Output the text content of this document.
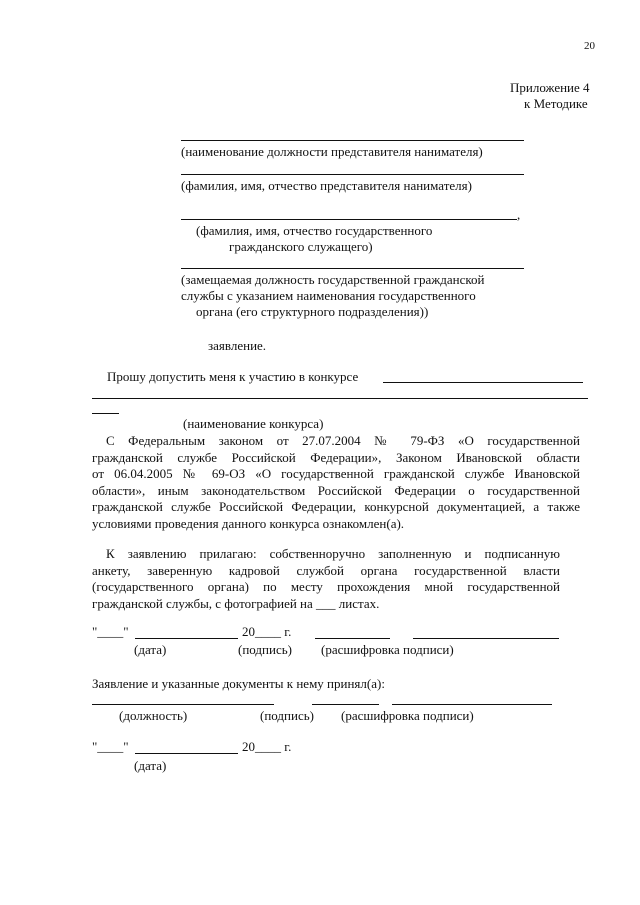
20

Приложение 4

к Методике

(наименование должности представителя нанимателя)

(фамилия, имя, отчество представителя нанимателя)

,

(фамилия, имя, отчество государственного

гражданского служащего)

(замещаемая должность государственной гражданской

службы с указанием наименования государственного

органа (его структурного подразделения))

заявление.

Прошу допустить меня к участию в конкурсе

(наименование конкурса)

С Федеральным законом от 27.07.2004 № 79-ФЗ «О государственной
гражданской службе Российской Федерации», Законом Ивановской области
от 06.04.2005 № 69-ОЗ «О государственной гражданской службе Ивановской
области», иным законодательством Российской Федерации о государственной
гражданской службе Российской Федерации, конкурсной документацией, а также
условиями проведения данного конкурса ознакомлен(а).
К заявлению прилагаю: собственноручно заполненную и подписанную
анкету, заверенную кадровой службой органа государственной власти
(государственного органа) по месту прохождения мной государственной
гражданской службы, с фотографией на ___ листах.

"____"	20____ г.

(дата)	(подпись) (расшифровка подписи)

Заявление и указанные документы к нему принял(а):

(должность)	(подпись) (расшифровка подписи)

"____"	20____ г.

(дата)
